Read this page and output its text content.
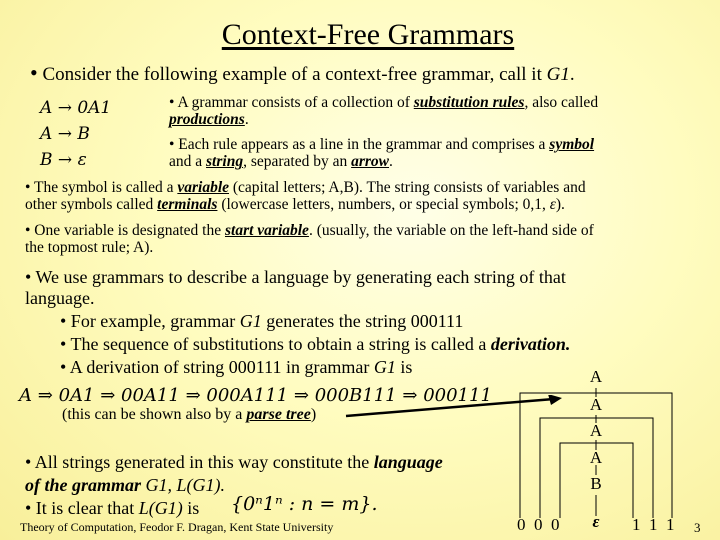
Context-Free Grammars
• Consider the following example of a context-free grammar, call it G1.
A → 0A1
A → B
B → ε
• A grammar consists of a collection of substitution rules, also called
productions.
• Each rule appears as a line in the grammar and comprises a symbol
and a string, separated by an arrow.
• The symbol is called a variable (capital letters; A,B). The string consists of variables and
other symbols called terminals (lowercase letters, numbers, or special symbols; 0,1, ε).
• One variable is designated the start variable. (usually, the variable on the left-hand side of
the topmost rule; A).
• We use grammars to describe a language by generating each string of that
language.
• For example, grammar G1 generates the string 000111
• The sequence of substitutions to obtain a string is called a derivation.
• A derivation of string 000111 in grammar G1 is
A ⇒ 0A1 ⇒ 00A11 ⇒ 000A111 ⇒ 000B111 ⇒ 000111
(this can be shown also by a parse tree)
• All strings generated in this way constitute the language
of the grammar G1, L(G1).
• It is clear that L(G1) is {0ⁿ1ⁿ : n = m}.
A
A
A
A
B
ε
0  0  0	1  1  1
Theory of Computation, Feodor F. Dragan, Kent State University	3
